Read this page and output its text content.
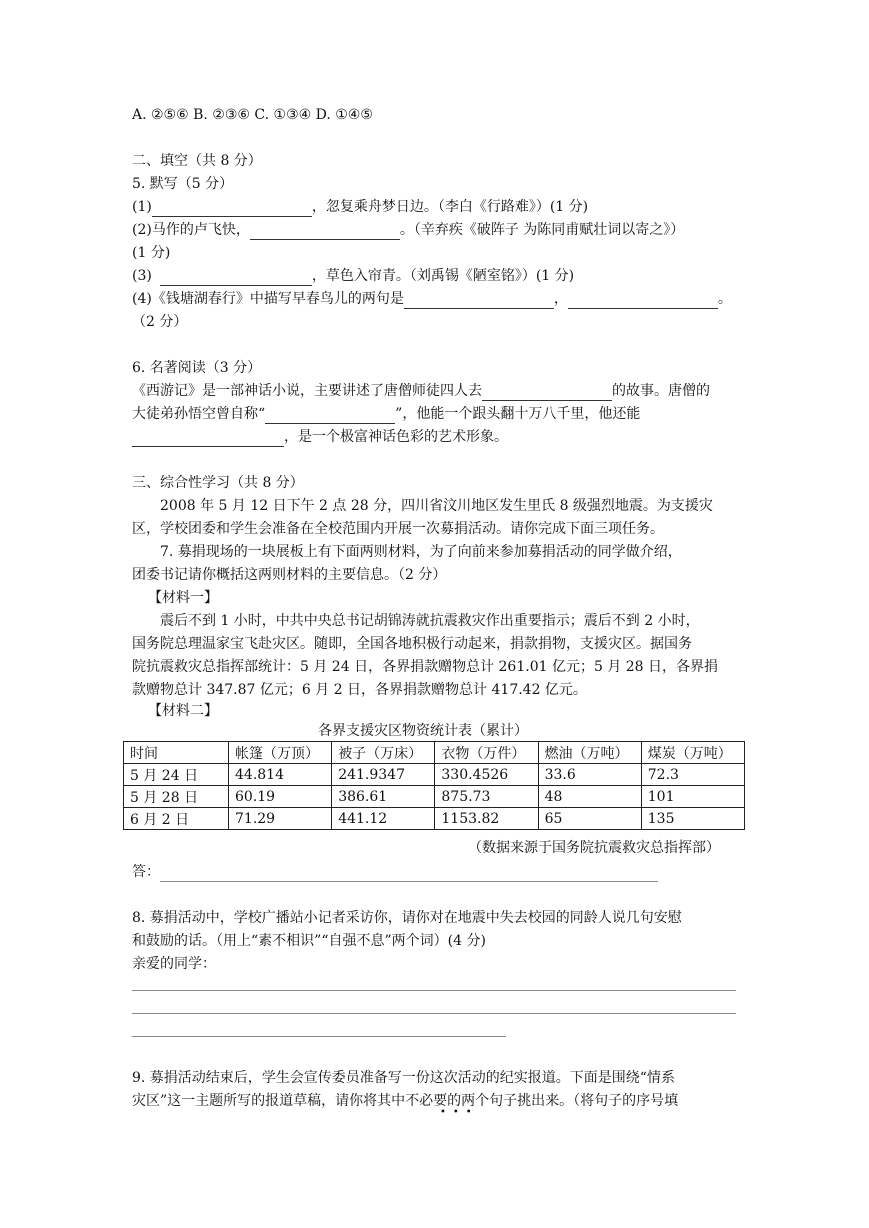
A. ②⑤⑥ B. ②③⑥ C. ①③④ D. ①④⑤
二、填空（共 8 分）
5. 默写（5 分）
(1)	，忽复乘舟梦日边。（李白《行路难》）(1 分)
(2)马作的卢飞快，	。（辛弃疾《破阵子 为陈同甫赋壮词以寄之》）
(1 分)
(3)	，草色入帘青。（刘禹锡《陋室铭》）(1 分)
(4)《钱塘湖春行》中描写早春鸟儿的两句是	，	。
（2 分）
6. 名著阅读（3 分）
《西游记》是一部神话小说，主要讲述了唐僧师徒四人去	的故事。唐僧的
大徒弟孙悟空曾自称“	”，他能一个跟头翻十万八千里，他还能
，是一个极富神话色彩的艺术形象。
三、综合性学习（共 8 分）
2008 年 5 月 12 日下午 2 点 28 分，四川省汶川地区发生里氏 8 级强烈地震。为支援灾
区，学校团委和学生会准备在全校范围内开展一次募捐活动。请你完成下面三项任务。
7. 募捐现场的一块展板上有下面两则材料，为了向前来参加募捐活动的同学做介绍，
团委书记请你概括这两则材料的主要信息。（2 分）
【材料一】
震后不到 1 小时，中共中央总书记胡锦涛就抗震救灾作出重要指示；震后不到 2 小时，
国务院总理温家宝飞赴灾区。随即，全国各地积极行动起来，捐款捐物，支援灾区。据国务
院抗震救灾总指挥部统计：5 月 24 日，各界捐款赠物总计 261.01 亿元；5 月 28 日，各界捐
款赠物总计 347.87 亿元；6 月 2 日，各界捐款赠物总计 417.42 亿元。
【材料二】
各界支援灾区物资统计表（累计）
时间	帐篷（万顶）	被子（万床）	衣物（万件）	燃油（万吨）	煤炭（万吨）
5 月 24 日	44.814	241.9347	330.4526	33.6	72.3
5 月 28 日	60.19	386.61	875.73	48	101
6 月 2 日	71.29	441.12	1153.82	65	135
（数据来源于国务院抗震救灾总指挥部）
答：
8. 募捐活动中，学校广播站小记者采访你，请你对在地震中失去校园的同龄人说几句安慰
和鼓励的话。（用上“素不相识”“自强不息”两个词）(4 分)
亲爱的同学：
9. 募捐活动结束后，学生会宣传委员准备写一份这次活动的纪实报道。下面是围绕“情系
灾区”这一主题所写的报道草稿，请你将其中不必要的两个句子挑出来。（将句子的序号填
•••
